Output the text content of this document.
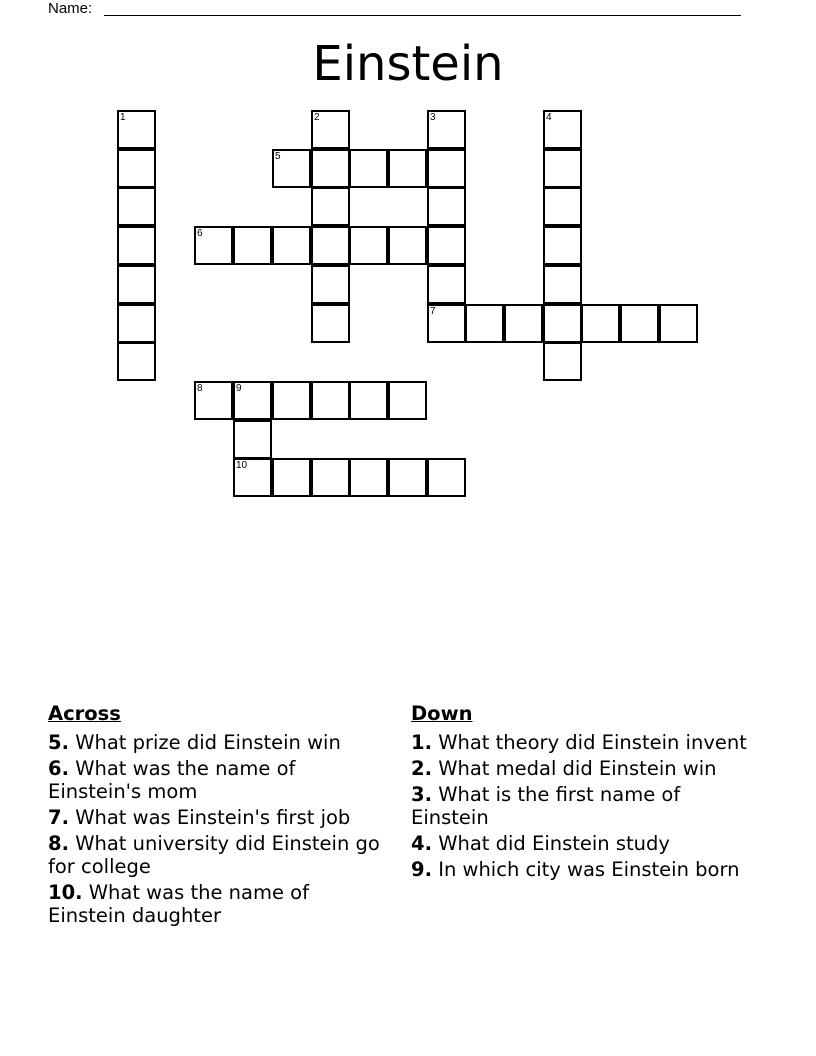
Name:
Einstein
1	2	3
7
4
5
6
8	9
10
Across
5. What prize did Einstein win
6. What was the name of Einstein's mom
7. What was Einstein's first job
8. What university did Einstein go for college
10. What was the name of Einstein daughter
Down
1. What theory did Einstein invent
2. What medal did Einstein win
3. What is the first name of Einstein
4. What did Einstein study
9. In which city was Einstein born
